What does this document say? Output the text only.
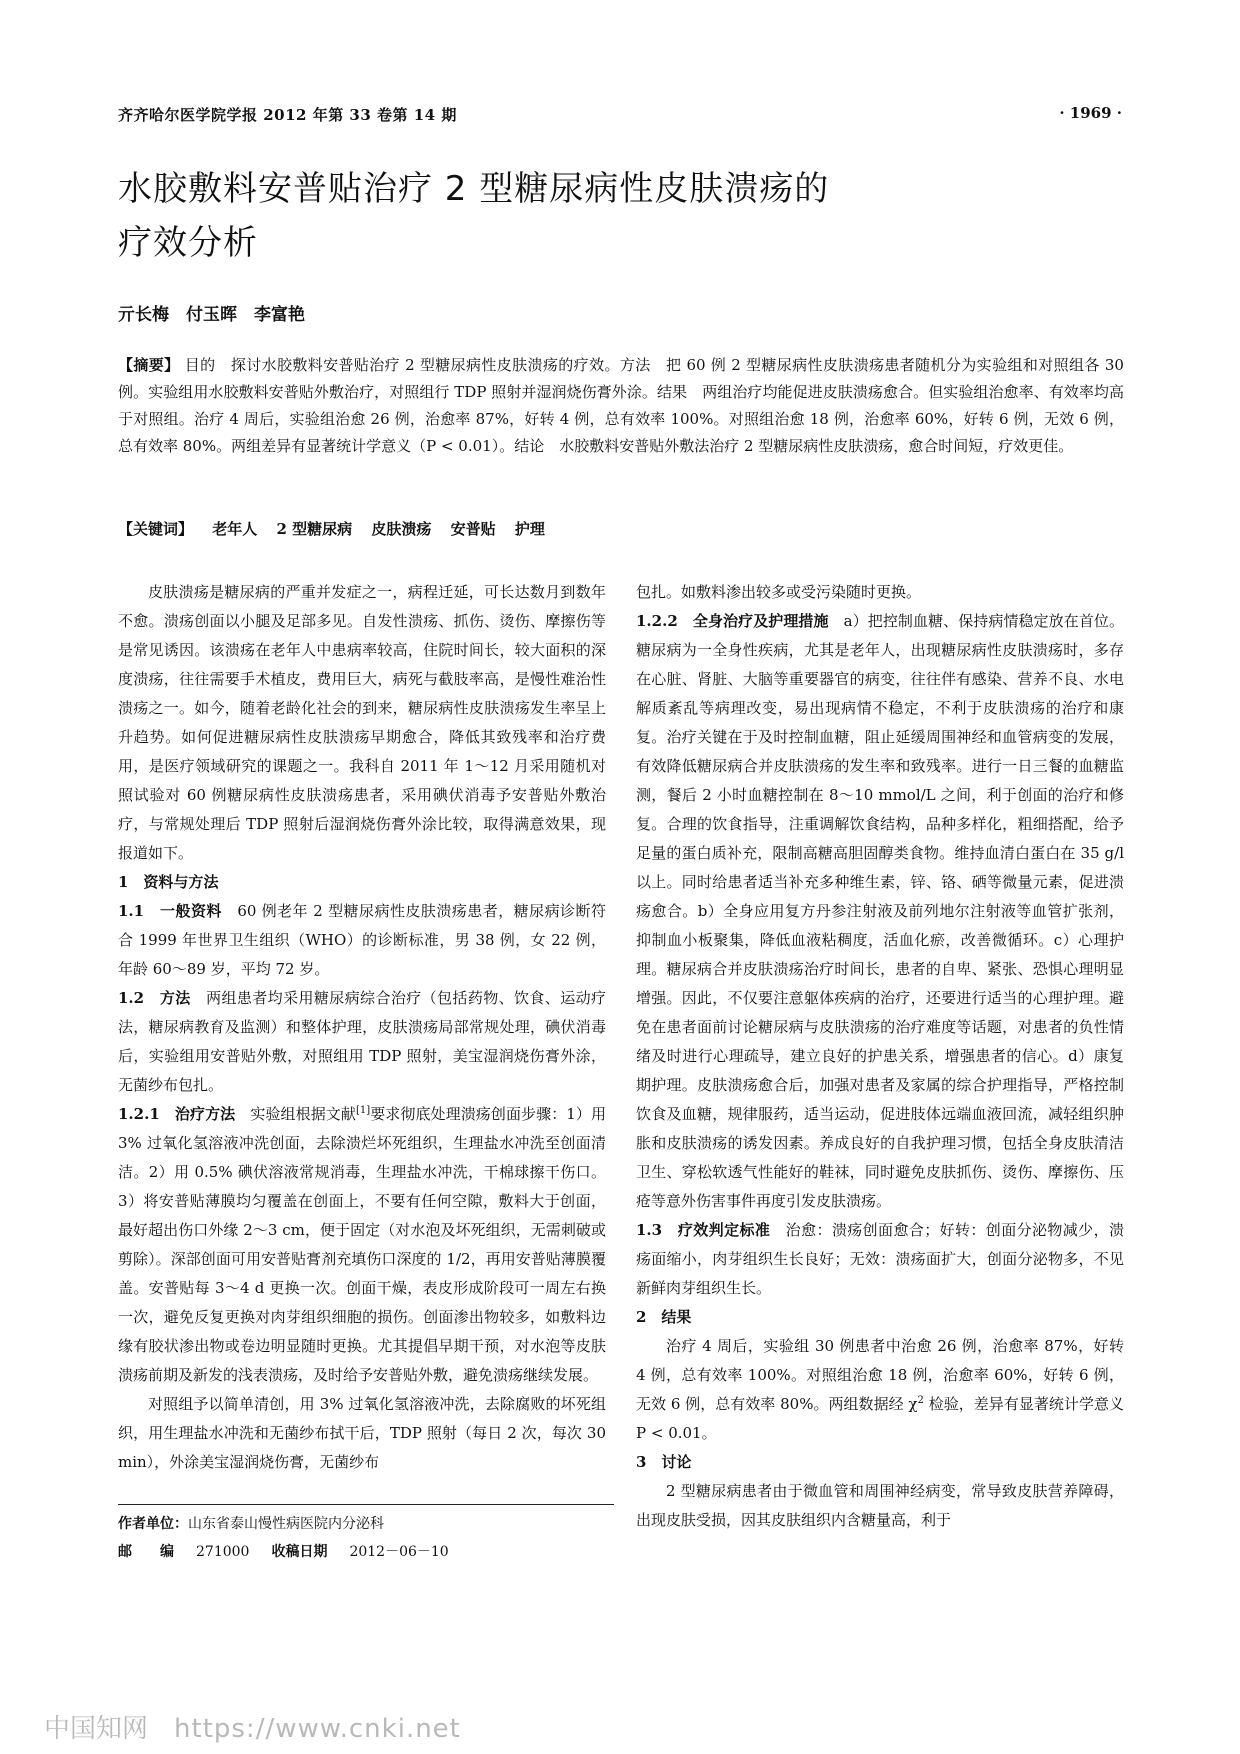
齐齐哈尔医学院学报 2012 年第 33 卷第 14 期	· 1969 ·
水胶敷料安普贴治疗 2 型糖尿病性皮肤溃疡的
疗效分析
亓长梅　付玉晖　李富艳
【摘要】 目的　探讨水胶敷料安普贴治疗 2 型糖尿病性皮肤溃疡的疗效。方法　把 60 例 2 型糖尿病性皮肤溃疡患者随机分为实验组和对照组各 30 例。实验组用水胶敷料安普贴外敷治疗，对照组行 TDP 照射并湿润烧伤膏外涂。结果　两组治疗均能促进皮肤溃疡愈合。但实验组治愈率、有效率均高于对照组。治疗 4 周后，实验组治愈 26 例，治愈率 87%，好转 4 例，总有效率 100%。对照组治愈 18 例，治愈率 60%，好转 6 例，无效 6 例，总有效率 80%。两组差异有显著统计学意义（P < 0.01）。结论　水胶敷料安普贴外敷法治疗 2 型糖尿病性皮肤溃疡，愈合时间短，疗效更佳。
【关键词】 老年人 2 型糖尿病 皮肤溃疡 安普贴 护理

皮肤溃疡是糖尿病的严重并发症之一，病程迁延，可长达数月到数年不愈。溃疡创面以小腿及足部多见。自发性溃疡、抓伤、烫伤、摩擦伤等是常见诱因。该溃疡在老年人中患病率较高，住院时间长，较大面积的深度溃疡，往往需要手术植皮，费用巨大，病死与截肢率高，是慢性难治性溃疡之一。如今，随着老龄化社会的到来，糖尿病性皮肤溃疡发生率呈上升趋势。如何促进糖尿病性皮肤溃疡早期愈合，降低其致残率和治疗费用，是医疗领域研究的课题之一。我科自 2011 年 1～12 月采用随机对照试验对 60 例糖尿病性皮肤溃疡患者，采用碘伏消毒予安普贴外敷治疗，与常规处理后 TDP 照射后湿润烧伤膏外涂比较，取得满意效果，现报道如下。

1　资料与方法

1.1　一般资料　 60 例老年 2 型糖尿病性皮肤溃疡患者，糖尿病诊断符合 1999 年世界卫生组织（WHO）的诊断标准，男 38 例，女 22 例，年龄 60～89 岁，平均 72 岁。

1.2　方法　 两组患者均采用糖尿病综合治疗（包括药物、饮食、运动疗法，糖尿病教育及监测）和整体护理，皮肤溃疡局部常规处理，碘伏消毒后，实验组用安普贴外敷，对照组用 TDP 照射，美宝湿润烧伤膏外涂，无菌纱布包扎。

1.2.1　治疗方法　 实验组根据文献[1]要求彻底处理溃疡创面步骤：1）用 3% 过氧化氢溶液冲洗创面，去除溃烂坏死组织，生理盐水冲洗至创面清洁。2）用 0.5% 碘伏溶液常规消毒，生理盐水冲洗，干棉球擦干伤口。3）将安普贴薄膜均匀覆盖在创面上，不要有任何空隙，敷料大于创面，最好超出伤口外缘 2～3 cm，便于固定（对水泡及坏死组织，无需刺破或剪除）。深部创面可用安普贴膏剂充填伤口深度的 1/2，再用安普贴薄膜覆盖。安普贴每 3～4 d 更换一次。创面干燥，表皮形成阶段可一周左右换一次，避免反复更换对肉芽组织细胞的损伤。创面渗出物较多，如敷料边缘有胶状渗出物或卷边明显随时更换。尤其提倡早期干预，对水泡等皮肤溃疡前期及新发的浅表溃疡，及时给予安普贴外敷，避免溃疡继续发展。

对照组予以简单清创，用 3% 过氧化氢溶液冲洗，去除腐败的坏死组织，用生理盐水冲洗和无菌纱布拭干后，TDP 照射（每日 2 次，每次 30 min），外涂美宝湿润烧伤膏，无菌纱布

包扎。如敷料渗出较多或受污染随时更换。

1.2.2　全身治疗及护理措施　 a）把控制血糖、保持病情稳定放在首位。糖尿病为一全身性疾病，尤其是老年人，出现糖尿病性皮肤溃疡时，多存在心脏、肾脏、大脑等重要器官的病变，往往伴有感染、营养不良、水电解质紊乱等病理改变，易出现病情不稳定，不利于皮肤溃疡的治疗和康复。治疗关键在于及时控制血糖，阻止延缓周围神经和血管病变的发展，有效降低糖尿病合并皮肤溃疡的发生率和致残率。进行一日三餐的血糖监测，餐后 2 小时血糖控制在 8～10 mmol/L 之间，利于创面的治疗和修复。合理的饮食指导，注重调解饮食结构，品种多样化，粗细搭配，给予足量的蛋白质补充，限制高糖高胆固醇类食物。维持血清白蛋白在 35 g/l 以上。同时给患者适当补充多种维生素，锌、铬、硒等微量元素，促进溃疡愈合。b）全身应用复方丹参注射液及前列地尔注射液等血管扩张剂，抑制血小板聚集，降低血液粘稠度，活血化瘀，改善微循环。c）心理护理。糖尿病合并皮肤溃疡治疗时间长，患者的自卑、紧张、恐惧心理明显增强。因此，不仅要注意躯体疾病的治疗，还要进行适当的心理护理。避免在患者面前讨论糖尿病与皮肤溃疡的治疗难度等话题，对患者的负性情绪及时进行心理疏导，建立良好的护患关系，增强患者的信心。d）康复期护理。皮肤溃疡愈合后，加强对患者及家属的综合护理指导，严格控制饮食及血糖，规律服药，适当运动，促进肢体远端血液回流，减轻组织肿胀和皮肤溃疡的诱发因素。养成良好的自我护理习惯，包括全身皮肤清洁卫生、穿松软透气性能好的鞋袜，同时避免皮肤抓伤、烫伤、摩擦伤、压疮等意外伤害事件再度引发皮肤溃疡。

1.3　疗效判定标准　 治愈：溃疡创面愈合；好转：创面分泌物减少，溃疡面缩小，肉芽组织生长良好；无效：溃疡面扩大，创面分泌物多，不见新鲜肉芽组织生长。

2　结果

治疗 4 周后，实验组 30 例患者中治愈 26 例，治愈率 87%，好转 4 例，总有效率 100%。对照组治愈 18 例，治愈率 60%，好转 6 例，无效 6 例，总有效率 80%。两组数据经 $\chi^2$ 检验，差异有显著统计学意义 P < 0.01。

3　讨论

2 型糖尿病患者由于微血管和周围神经病变，常导致皮肤营养障碍，出现皮肤受损，因其皮肤组织内含糖量高，利于

作者单位：山东省泰山慢性病医院内分泌科
邮　　编 271000 收稿日期 2012－06－10
中国知网 https://www.cnki.net
